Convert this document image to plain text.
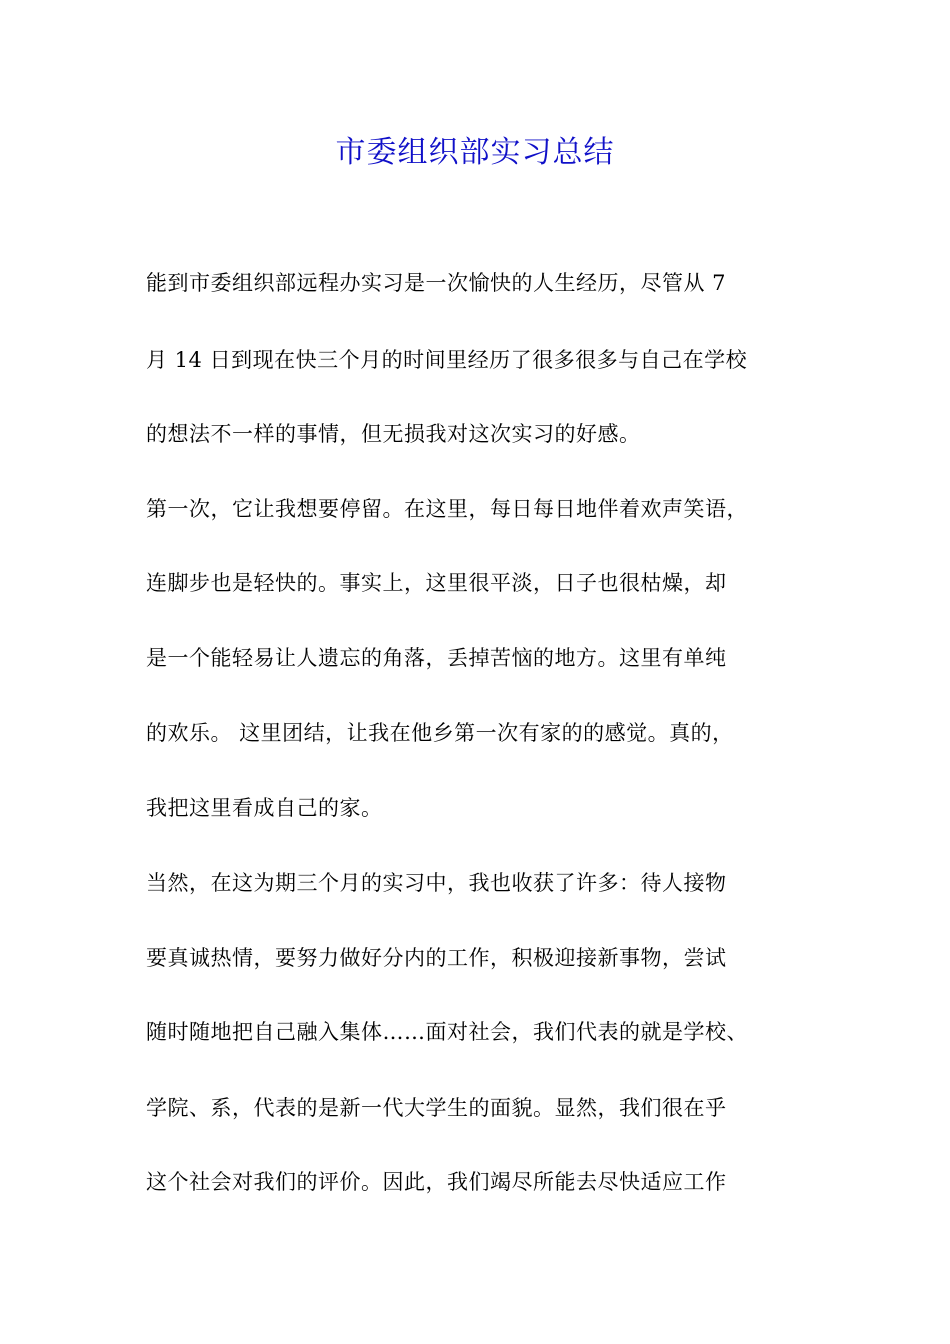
市委组织部实习总结
能到市委组织部远程办实习是一次愉快的人生经历，尽管从 7
月 14 日到现在快三个月的时间里经历了很多很多与自己在学校
的想法不一样的事情，但无损我对这次实习的好感。
第一次，它让我想要停留。在这里，每日每日地伴着欢声笑语，
连脚步也是轻快的。事实上，这里很平淡，日子也很枯燥，却
是一个能轻易让人遗忘的角落，丢掉苦恼的地方。这里有单纯
的欢乐。 这里团结，让我在他乡第一次有家的的感觉。真的，
我把这里看成自己的家。
当然，在这为期三个月的实习中，我也收获了许多：待人接物
要真诚热情，要努力做好分内的工作，积极迎接新事物，尝试
随时随地把自己融入集体……面对社会，我们代表的就是学校、
学院、系，代表的是新一代大学生的面貌。显然，我们很在乎
这个社会对我们的评价。因此，我们竭尽所能去尽快适应工作
